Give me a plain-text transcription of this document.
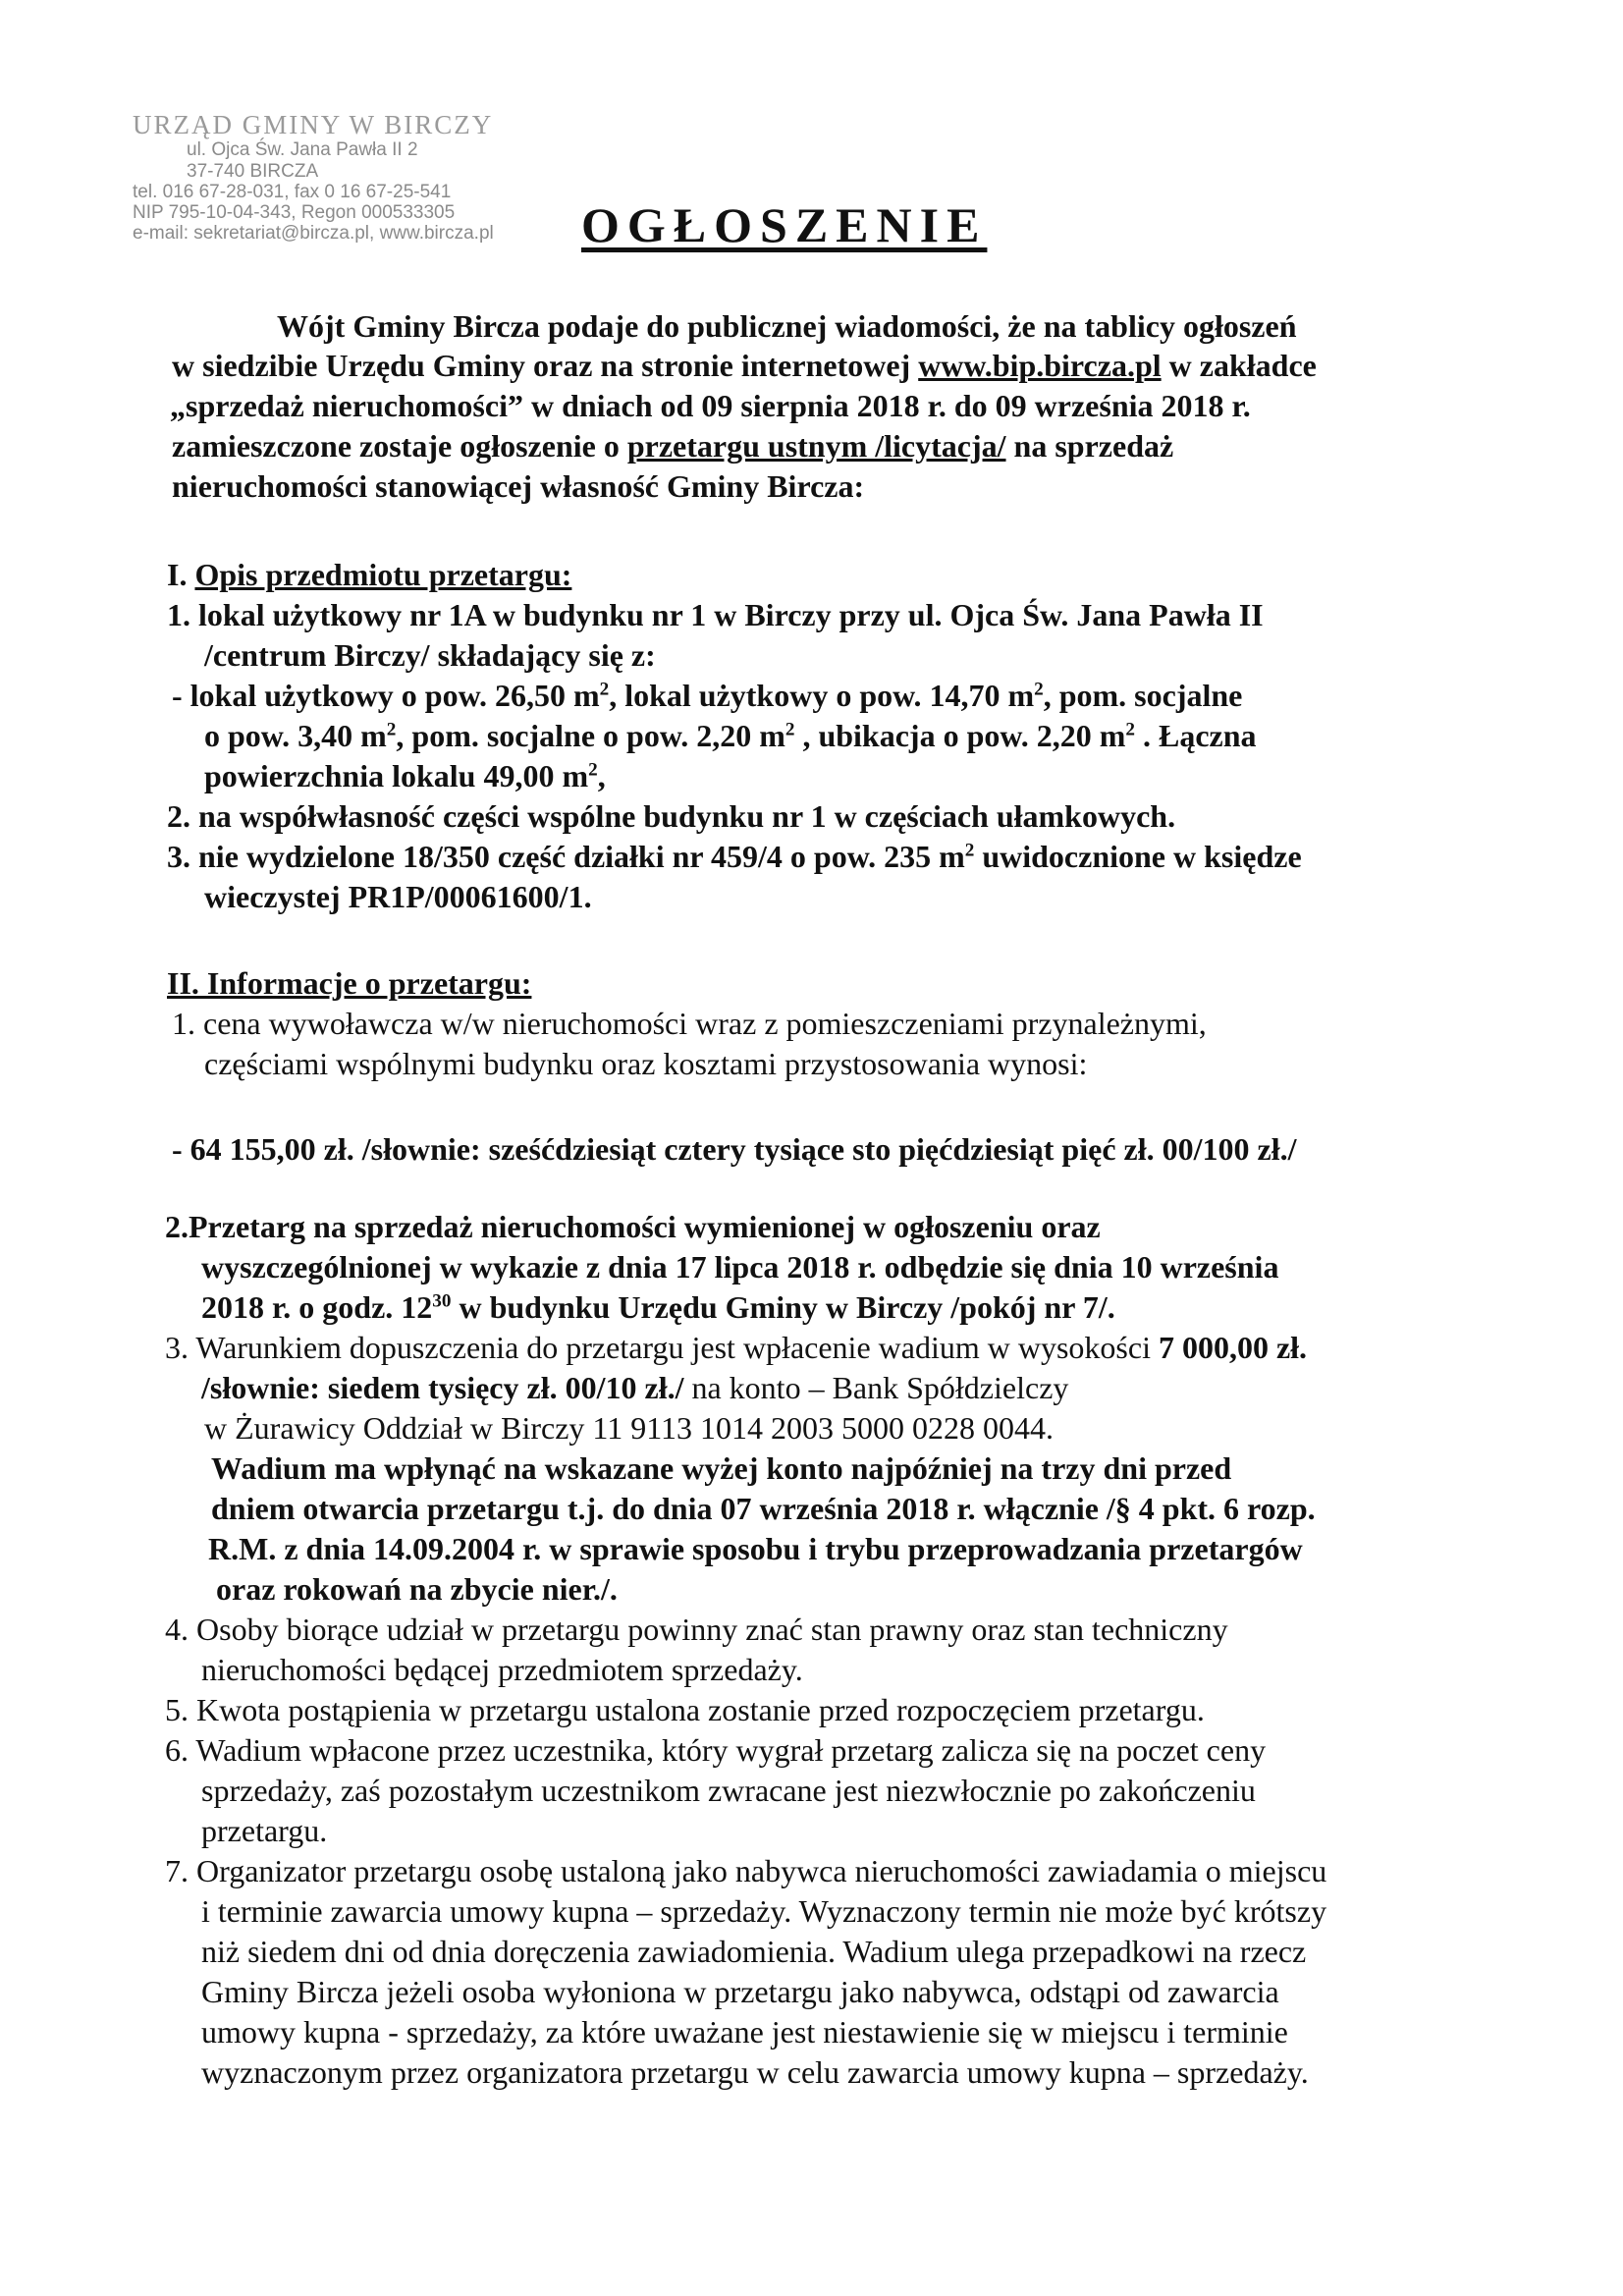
URZĄD GMINY W BIRCZY
ul. Ojca Św. Jana Pawła II 2
37-740 BIRCZA
tel. 016 67-28-031, fax 0 16 67-25-541
NIP 795-10-04-343, Regon 000533305
e-mail: sekretariat@bircza.pl, www.bircza.pl	OGŁOSZENIE
Wójt Gminy Bircza podaje do publicznej wiadomości, że na tablicy ogłoszeń
w siedzibie Urzędu Gminy oraz na stronie internetowej www.bip.bircza.pl w zakładce
„sprzedaż nieruchomości” w dniach od 09 sierpnia 2018 r. do 09 września 2018 r.
zamieszczone zostaje ogłoszenie o przetargu ustnym /licytacja/ na sprzedaż
nieruchomości stanowiącej własność Gminy Bircza:
I. Opis przedmiotu przetargu:
1. lokal użytkowy nr 1A w budynku nr 1 w Birczy przy ul. Ojca Św. Jana Pawła II
/centrum Birczy/ składający się z:
- lokal użytkowy o pow. 26,50 $m^2$, lokal użytkowy o pow. 14,70 $m^2$, pom. socjalne
o pow. 3,40 $m^2$, pom. socjalne o pow. 2,20 $m^2$ , ubikacja o pow. 2,20 $m^2$ . Łączna
powierzchnia lokalu 49,00 $m^2$,
2. na współwłasność części wspólne budynku nr 1 w częściach ułamkowych.
3. nie wydzielone 18/350 część działki nr 459/4 o pow. 235 $m^2$ uwidocznione w księdze
wieczystej PR1P/00061600/1.
II. Informacje o przetargu:
1. cena wywoławcza w/w nieruchomości wraz z pomieszczeniami przynależnymi,
częściami wspólnymi budynku oraz kosztami przystosowania wynosi:
- 64 155,00 zł. /słownie: sześćdziesiąt cztery tysiące sto pięćdziesiąt pięć zł. 00/100 zł./
2.Przetarg na sprzedaż nieruchomości wymienionej w ogłoszeniu oraz
wyszczególnionej w wykazie z dnia 17 lipca 2018 r. odbędzie się dnia 10 września
2018 r. o godz. $12^{30}$ w budynku Urzędu Gminy w Birczy /pokój nr 7/.
3. Warunkiem dopuszczenia do przetargu jest wpłacenie wadium w wysokości 7 000,00 zł.
/słownie: siedem tysięcy zł. 00/10 zł./ na konto – Bank Spółdzielczy
w Żurawicy Oddział w Birczy 11 9113 1014 2003 5000 0228 0044.
Wadium ma wpłynąć na wskazane wyżej konto najpóźniej na trzy dni przed
dniem otwarcia przetargu t.j. do dnia 07 września 2018 r. włącznie /§ 4 pkt. 6 rozp.
R.M. z dnia 14.09.2004 r. w sprawie sposobu i trybu przeprowadzania przetargów
oraz rokowań na zbycie nier./.
4. Osoby biorące udział w przetargu powinny znać stan prawny oraz stan techniczny
nieruchomości będącej przedmiotem sprzedaży.
5. Kwota postąpienia w przetargu ustalona zostanie przed rozpoczęciem przetargu.
6. Wadium wpłacone przez uczestnika, który wygrał przetarg zalicza się na poczet ceny
sprzedaży, zaś pozostałym uczestnikom zwracane jest niezwłocznie po zakończeniu
przetargu.
7. Organizator przetargu osobę ustaloną jako nabywca nieruchomości zawiadamia o miejscu
i terminie zawarcia umowy kupna – sprzedaży. Wyznaczony termin nie może być krótszy
niż siedem dni od dnia doręczenia zawiadomienia. Wadium ulega przepadkowi na rzecz
Gminy Bircza jeżeli osoba wyłoniona w przetargu jako nabywca, odstąpi od zawarcia
umowy kupna - sprzedaży, za które uważane jest niestawienie się w miejscu i terminie
wyznaczonym przez organizatora przetargu w celu zawarcia umowy kupna – sprzedaży.
